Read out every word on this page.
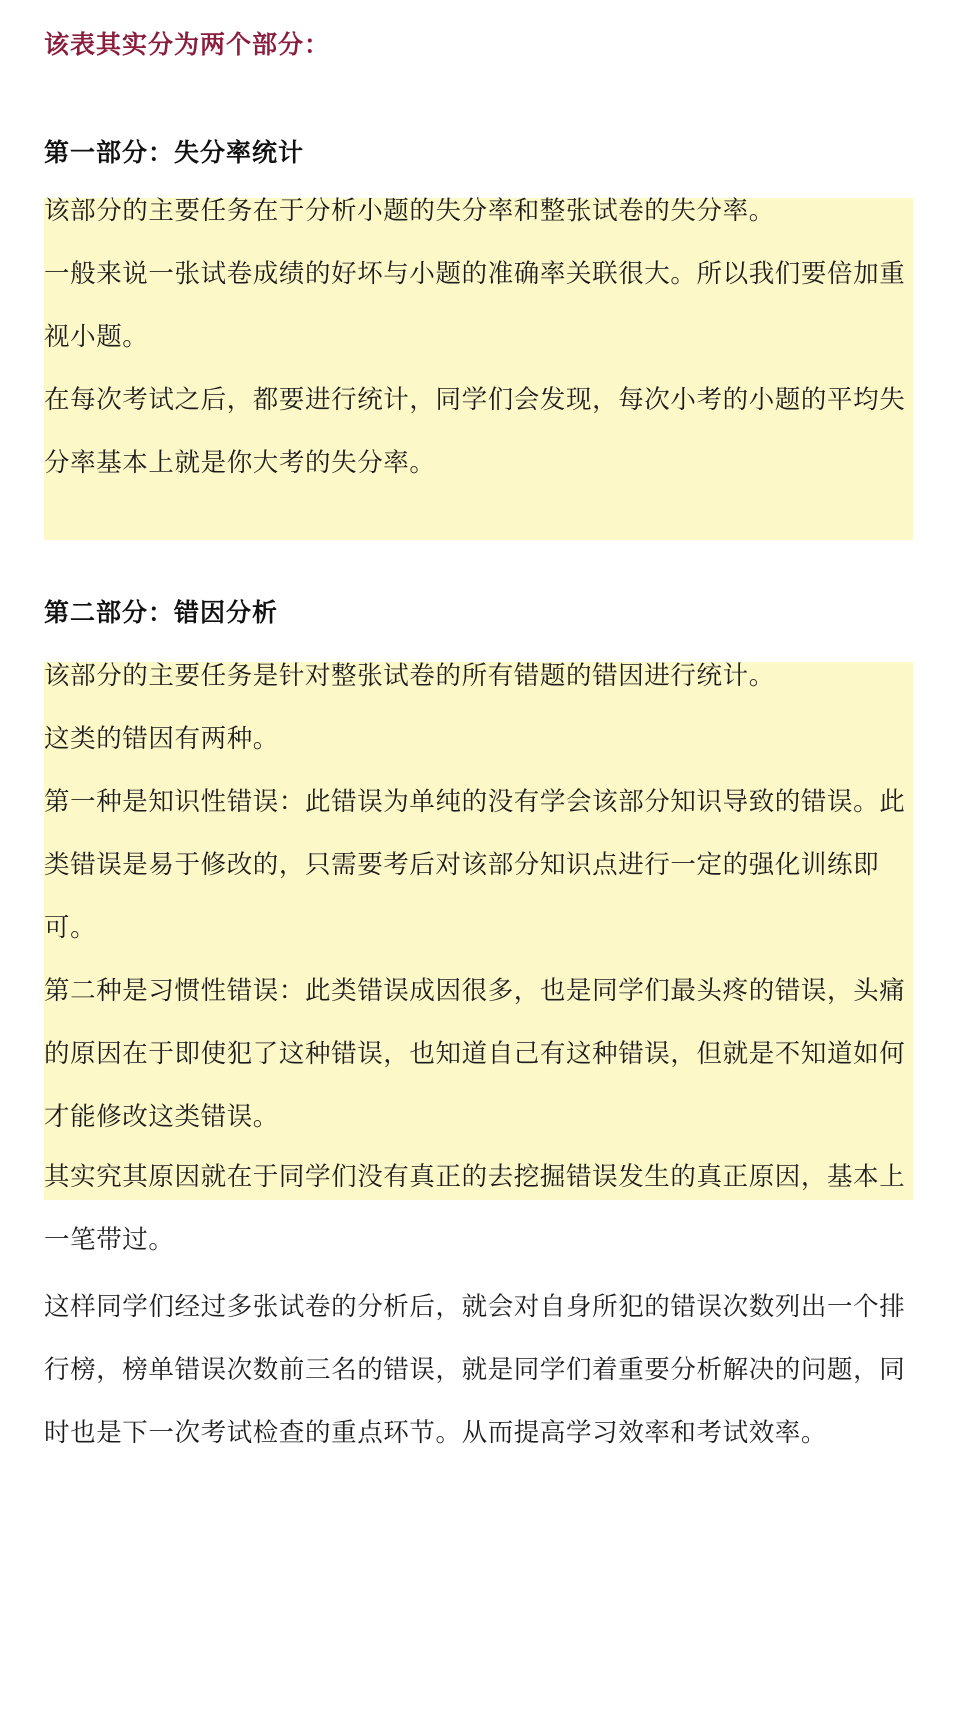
该表其实分为两个部分：
第一部分：失分率统计

该部分的主要任务在于分析小题的失分率和整张试卷的失分率。

一般来说一张试卷成绩的好坏与小题的准确率关联很大。所以我们要倍加重视小题。

在每次考试之后，都要进行统计，同学们会发现，每次小考的小题的平均失分率基本上就是你大考的失分率。

第二部分：错因分析

该部分的主要任务是针对整张试卷的所有错题的错因进行统计。

这类的错因有两种。

第一种是知识性错误：此错误为单纯的没有学会该部分知识导致的错误。此类错误是易于修改的，只需要考后对该部分知识点进行一定的强化训练即可。

第二种是习惯性错误：此类错误成因很多，也是同学们最头疼的错误，头痛的原因在于即使犯了这种错误，也知道自己有这种错误，但就是不知道如何才能修改这类错误。

其实究其原因就在于同学们没有真正的去挖掘错误发生的真正原因，基本上一笔带过。

这样同学们经过多张试卷的分析后，就会对自身所犯的错误次数列出一个排行榜，榜单错误次数前三名的错误，就是同学们着重要分析解决的问题，同时也是下一次考试检查的重点环节。从而提高学习效率和考试效率。
